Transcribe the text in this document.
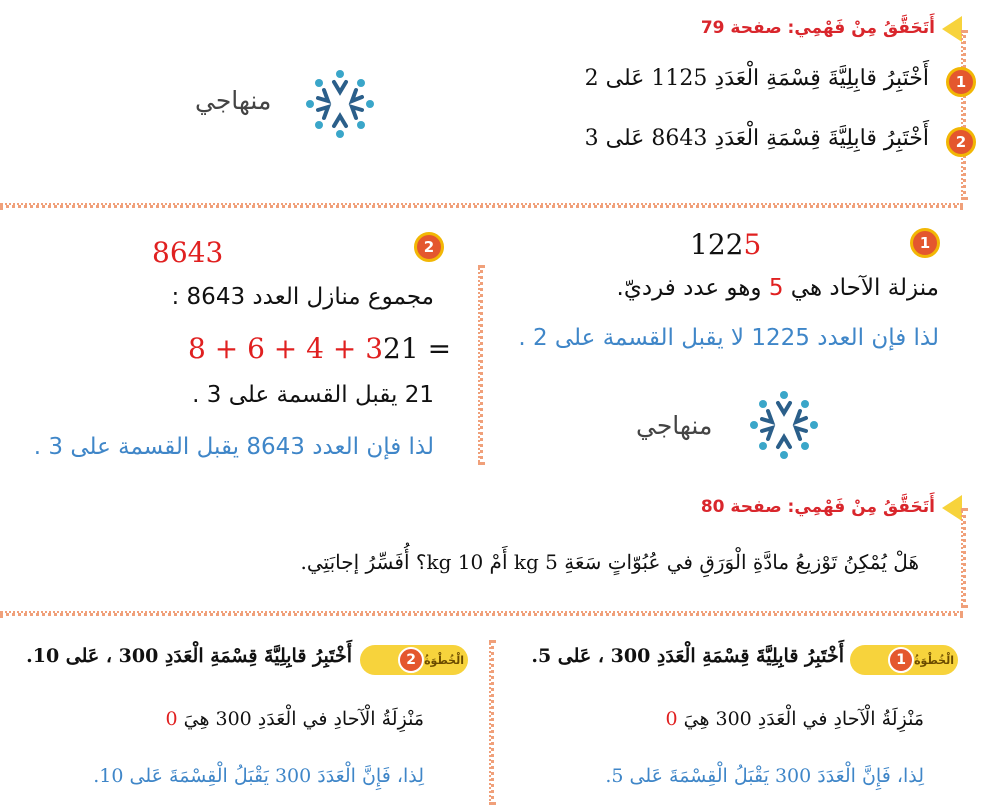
أَتَحَقَّقُ مِنْ فَهْمِي: صفحة 79
1
أَخْتَبِرُ قابِلِيَّةَ قِسْمَةِ الْعَدَدِ 1125 عَلى 2
2
أَخْتَبِرُ قابِلِيَّةَ قِسْمَةِ الْعَدَدِ 8643 عَلى 3
منهاجي
1
1225
منزلة الآحاد هي 5 وهو عدد فرديّ.
لذا فإن العدد 1225 لا يقبل القسمة على 2 .
منهاجي
2
8643
مجموع منازل العدد 8643 :
8 + 6 + 4 + 321 =
21 يقبل القسمة على 3 .
لذا فإن العدد 8643 يقبل القسمة على 3 .
أَتَحَقَّقُ مِنْ فَهْمِي: صفحة 80
هَلْ يُمْكِنُ تَوْزيعُ مادَّةِ الْوَرَقِ في عُبُوّاتٍ سَعَةِ 5 kg أَمْ 10 kg؟ أُفَسِّرُ إجابَتِي.
الْخُطْوَةُ
1
أَخْتَبِرُ قابِلِيَّةَ قِسْمَةِ الْعَدَدِ 300 ، عَلى 5.
مَنْزِلَةُ الْآحادِ في الْعَدَدِ 300 هِيَ 0
لِذا، فَإِنَّ الْعَدَدَ 300 يَقْبَلُ الْقِسْمَةَ عَلى 5.
الْخُطْوَةُ
2
أَخْتَبِرُ قابِلِيَّةَ قِسْمَةِ الْعَدَدِ 300 ، عَلى 10.
مَنْزِلَةُ الْآحادِ في الْعَدَدِ 300 هِيَ 0
لِذا، فَإِنَّ الْعَدَدَ 300 يَقْبَلُ الْقِسْمَةَ عَلى 10.
